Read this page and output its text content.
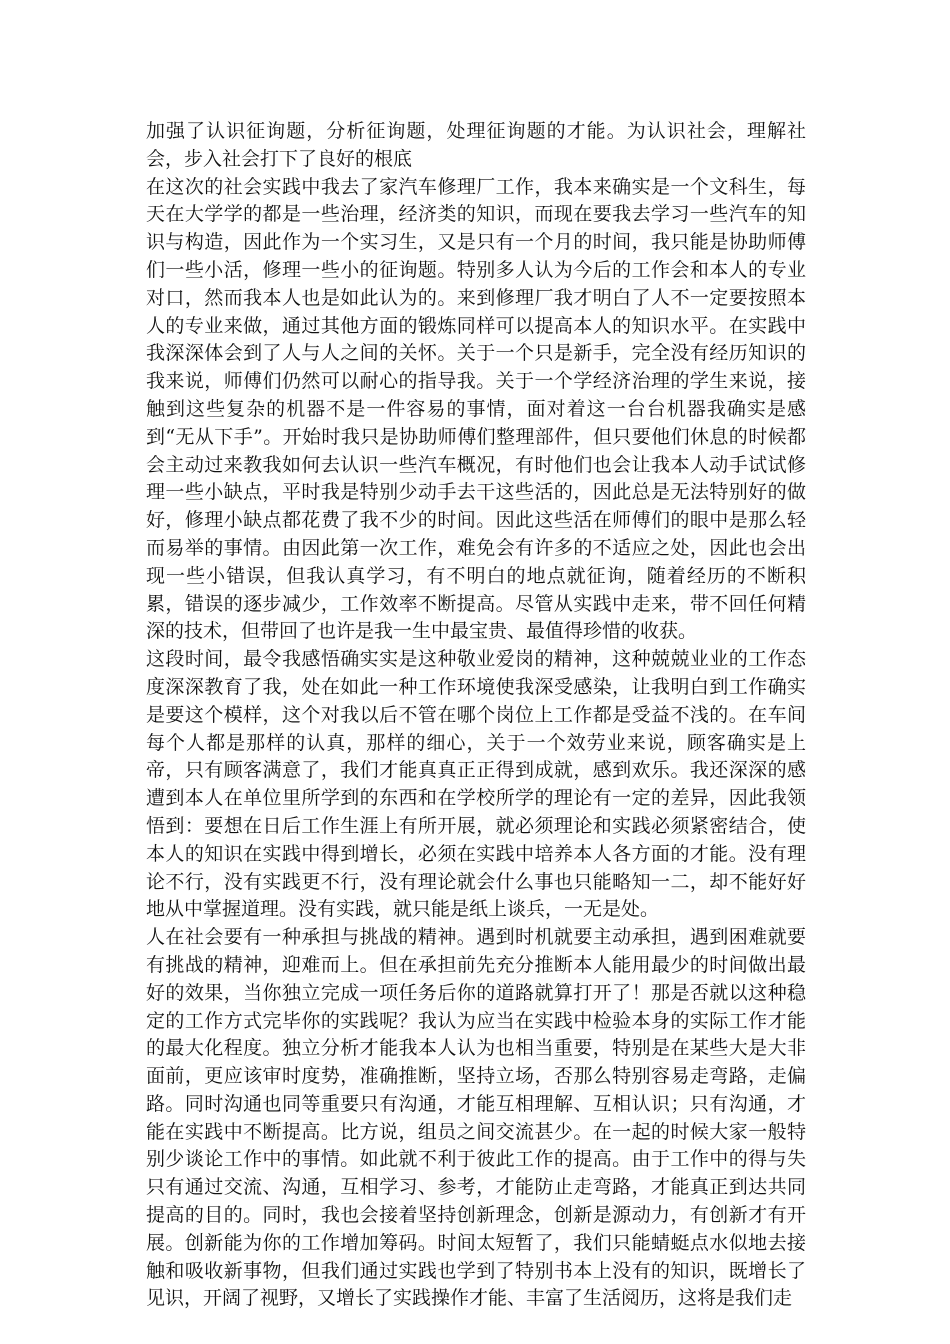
加强了认识征询题，分析征询题，处理征询题的才能。为认识社会，理解社会，步入社会打下了良好的根底

在这次的社会实践中我去了家汽车修理厂工作，我本来确实是一个文科生，每天在大学学的都是一些治理，经济类的知识，而现在要我去学习一些汽车的知识与构造，因此作为一个实习生，又是只有一个月的时间，我只能是协助师傅们一些小活，修理一些小的征询题。特别多人认为今后的工作会和本人的专业对口，然而我本人也是如此认为的。来到修理厂我才明白了人不一定要按照本人的专业来做，通过其他方面的锻炼同样可以提高本人的知识水平。在实践中我深深体会到了人与人之间的关怀。关于一个只是新手，完全没有经历知识的我来说，师傅们仍然可以耐心的指导我。关于一个学经济治理的学生来说，接触到这些复杂的机器不是一件容易的事情，面对着这一台台机器我确实是感到“无从下手”。开始时我只是协助师傅们整理部件，但只要他们休息的时候都会主动过来教我如何去认识一些汽车概况，有时他们也会让我本人动手试试修理一些小缺点，平时我是特别少动手去干这些活的，因此总是无法特别好的做好，修理小缺点都花费了我不少的时间。因此这些活在师傅们的眼中是那么轻而易举的事情。由因此第一次工作，难免会有许多的不适应之处，因此也会出现一些小错误，但我认真学习，有不明白的地点就征询，随着经历的不断积累，错误的逐步减少，工作效率不断提高。尽管从实践中走来，带不回任何精深的技术，但带回了也许是我一生中最宝贵、最值得珍惜的收获。

这段时间，最令我感悟确实实是这种敬业爱岗的精神，这种兢兢业业的工作态度深深教育了我，处在如此一种工作环境使我深受感染，让我明白到工作确实是要这个模样，这个对我以后不管在哪个岗位上工作都是受益不浅的。在车间每个人都是那样的认真，那样的细心，关于一个效劳业来说，顾客确实是上帝，只有顾客满意了，我们才能真真正正得到成就，感到欢乐。我还深深的感遭到本人在单位里所学到的东西和在学校所学的理论有一定的差异，因此我领悟到：要想在日后工作生涯上有所开展，就必须理论和实践必须紧密结合，使本人的知识在实践中得到增长，必须在实践中培养本人各方面的才能。没有理论不行，没有实践更不行，没有理论就会什么事也只能略知一二，却不能好好地从中掌握道理。没有实践，就只能是纸上谈兵，一无是处。

人在社会要有一种承担与挑战的精神。遇到时机就要主动承担，遇到困难就要有挑战的精神，迎难而上。但在承担前先充分推断本人能用最少的时间做出最好的效果，当你独立完成一项任务后你的道路就算打开了！那是否就以这种稳定的工作方式完毕你的实践呢？我认为应当在实践中检验本身的实际工作才能的最大化程度。独立分析才能我本人认为也相当重要，特别是在某些大是大非面前，更应该审时度势，准确推断，坚持立场，否那么特别容易走弯路，走偏路。同时沟通也同等重要只有沟通，才能互相理解、互相认识；只有沟通，才能在实践中不断提高。比方说，组员之间交流甚少。在一起的时候大家一般特别少谈论工作中的事情。如此就不利于彼此工作的提高。由于工作中的得与失只有通过交流、沟通，互相学习、参考，才能防止走弯路，才能真正到达共同提高的目的。同时，我也会接着坚持创新理念，创新是源动力，有创新才有开展。创新能为你的工作增加筹码。时间太短暂了，我们只能蜻蜓点水似地去接触和吸收新事物，但我们通过实践也学到了特别书本上没有的知识，既增长了见识，开阔了视野，又增长了实践操作才能、丰富了生活阅历，这将是我们走
